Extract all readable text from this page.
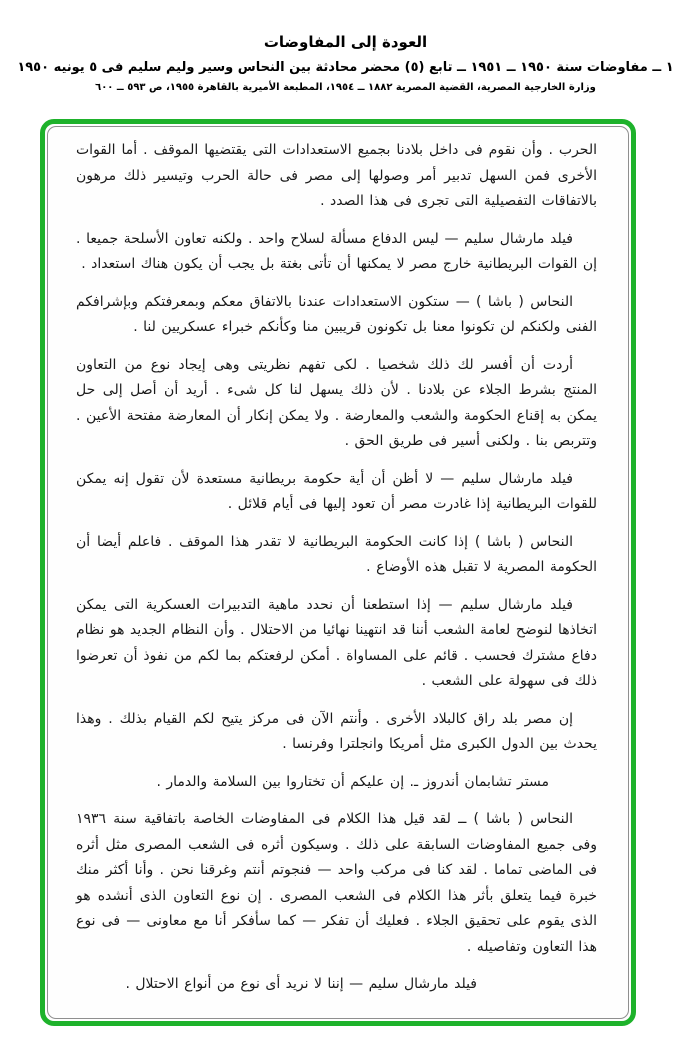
العودة إلى المفاوضات
١ ــ مفاوضات سنة ١٩٥٠ ــ ١٩٥١ ــ تابع (٥) محضر محادثة بين النحاس وسير وليم سليم فى ٥ يونيه ١٩٥٠
وزارة الخارجية المصرية، القضية المصرية ١٨٨٢ ــ ١٩٥٤، المطبعة الأميرية بالقاهرة ١٩٥٥، ص ٥٩٣ ــ ٦٠٠

الحرب . وأن نقوم فى داخل بلادنا بجميع الاستعدادات التى يقتضيها الموقف . أما القوات الأخرى فمن السهل تدبير أمر وصولها إلى مصر فى حالة الحرب وتيسير ذلك مرهون بالاتفاقات التفصيلية التى تجرى فى هذا الصدد .

فيلد مارشال سليم — ليس الدفاع مسألة لسلاح واحد . ولكنه تعاون الأسلحة جميعا . إن القوات البريطانية خارج مصر لا يمكنها أن تأتى بغتة بل يجب أن يكون هناك استعداد .

النحاس ( باشا ) — ستكون الاستعدادات عندنا بالاتفاق معكم وبمعرفتكم وبإشرافكم الفنى ولكنكم لن تكونوا معنا بل تكونون قريبين منا وكأنكم خبراء عسكريين لنا .

أردت أن أفسر لك ذلك شخصيا . لكى تفهم نظريتى وهى إيجاد نوع من التعاون المنتج بشرط الجلاء عن بلادنا . لأن ذلك يسهل لنا كل شىء . أريد أن أصل إلى حل يمكن به إقناع الحكومة والشعب والمعارضة . ولا يمكن إنكار أن المعارضة مفتحة الأعين . وتتربص بنا . ولكنى أسير فى طريق الحق .

فيلد مارشال سليم — لا أظن أن أية حكومة بريطانية مستعدة لأن تقول إنه يمكن للقوات البريطانية إذا غادرت مصر أن تعود إليها فى أيام قلائل .

النحاس ( باشا ) إذا كانت الحكومة البريطانية لا تقدر هذا الموقف . فاعلم أيضا أن الحكومة المصرية لا تقبل هذه الأوضاع .

فيلد مارشال سليم — إذا استطعنا أن نحدد ماهية التدبيرات العسكرية التى يمكن اتخاذها لنوضح لعامة الشعب أننا قد انتهينا نهائيا من الاحتلال . وأن النظام الجديد هو نظام دفاع مشترك فحسب . قائم على المساواة . أمكن لرفعتكم بما لكم من نفوذ أن تعرضوا ذلك فى سهولة على الشعب .

إن مصر بلد راق كالبلاد الأخرى . وأنتم الآن فى مركز يتيح لكم القيام بذلك . وهذا يحدث بين الدول الكبرى مثل أمريكا وانجلترا وفرنسا .

مستر تشابمان أندروز ـ. إن عليكم أن تختاروا بين السلامة والدمار .

النحاس ( باشا ) ــ لقد قيل هذا الكلام فى المفاوضات الخاصة باتفاقية سنة ١٩٣٦ وفى جميع المفاوضات السابقة على ذلك . وسيكون أثره فى الشعب المصرى مثل أثره فى الماضى تماما . لقد كنا فى مركب واحد — فنجوتم أنتم وغرقنا نحن . وأنا أكثر منك خبرة فيما يتعلق بأثر هذا الكلام فى الشعب المصرى . إن نوع التعاون الذى أنشده هو الذى يقوم على تحقيق الجلاء . فعليك أن تفكر — كما سأفكر أنا مع معاونى — فى نوع هذا التعاون وتفاصيله .

فيلد مارشال سليم — إننا لا نريد أى نوع من أنواع الاحتلال .
